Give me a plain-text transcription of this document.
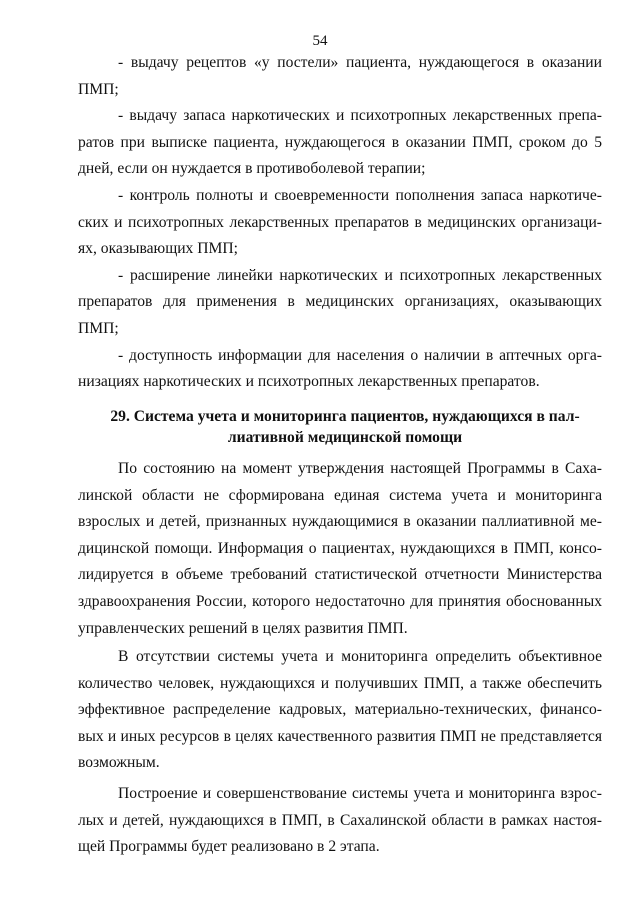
54
- выдачу рецептов «у постели» пациента, нуждающегося в оказании
ПМП;
- выдачу запаса наркотических и психотропных лекарственных препа-
ратов при выписке пациента, нуждающегося в оказании ПМП, сроком до 5
дней, если он нуждается в противоболевой терапии;
- контроль полноты и своевременности пополнения запаса наркотиче-
ских и психотропных лекарственных препаратов в медицинских организаци-
ях, оказывающих ПМП;
- расширение линейки наркотических и психотропных лекарственных
препаратов для применения в медицинских организациях, оказывающих
ПМП;
- доступность информации для населения о наличии в аптечных орга-
низациях наркотических и психотропных лекарственных препаратов.
29. Система учета и мониторинга пациентов, нуждающихся в пал-
лиативной медицинской помощи
По состоянию на момент утверждения настоящей Программы в Саха-
линской области не сформирована единая система учета и мониторинга
взрослых и детей, признанных нуждающимися в оказании паллиативной ме-
дицинской помощи. Информация о пациентах, нуждающихся в ПМП, консо-
лидируется в объеме требований статистической отчетности Министерства
здравоохранения России, которого недостаточно для принятия обоснованных
управленческих решений в целях развития ПМП.
В отсутствии системы учета и мониторинга определить объективное
количество человек, нуждающихся и получивших ПМП, а также обеспечить
эффективное распределение кадровых, материально-технических, финансо-
вых и иных ресурсов в целях качественного развития ПМП не представляется
возможным.
Построение и совершенствование системы учета и мониторинга взрос-
лых и детей, нуждающихся в ПМП, в Сахалинской области в рамках настоя-
щей Программы будет реализовано в 2 этапа.
